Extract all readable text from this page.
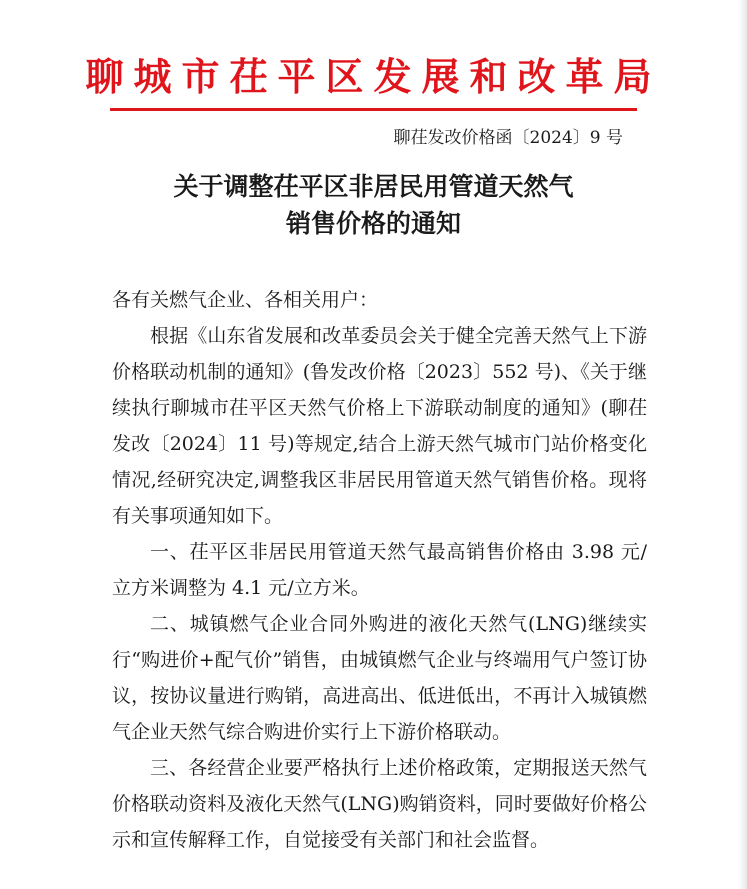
聊城市茌平区发展和改革局
聊茌发改价格函〔2024〕9 号
关于调整茌平区非居民用管道天然气
销售价格的通知

各有关燃气企业、各相关用户：

根据《山东省发展和改革委员会关于健全完善天然气上下游价格联动机制的通知》(鲁发改价格〔2023〕552 号)、《关于继续执行聊城市茌平区天然气价格上下游联动制度的通知》(聊茌发改〔2024〕11 号)等规定,结合上游天然气城市门站价格变化情况,经研究决定,调整我区非居民用管道天然气销售价格。现将有关事项通知如下。

一、茌平区非居民用管道天然气最高销售价格由 3.98 元/立方米调整为 4.1 元/立方米。

二、城镇燃气企业合同外购进的液化天然气(LNG)继续实行“购进价+配气价”销售，由城镇燃气企业与终端用气户签订协议，按协议量进行购销，高进高出、低进低出，不再计入城镇燃气企业天然气综合购进价实行上下游价格联动。

三、各经营企业要严格执行上述价格政策，定期报送天然气价格联动资料及液化天然气(LNG)购销资料，同时要做好价格公示和宣传解释工作，自觉接受有关部门和社会监督。
